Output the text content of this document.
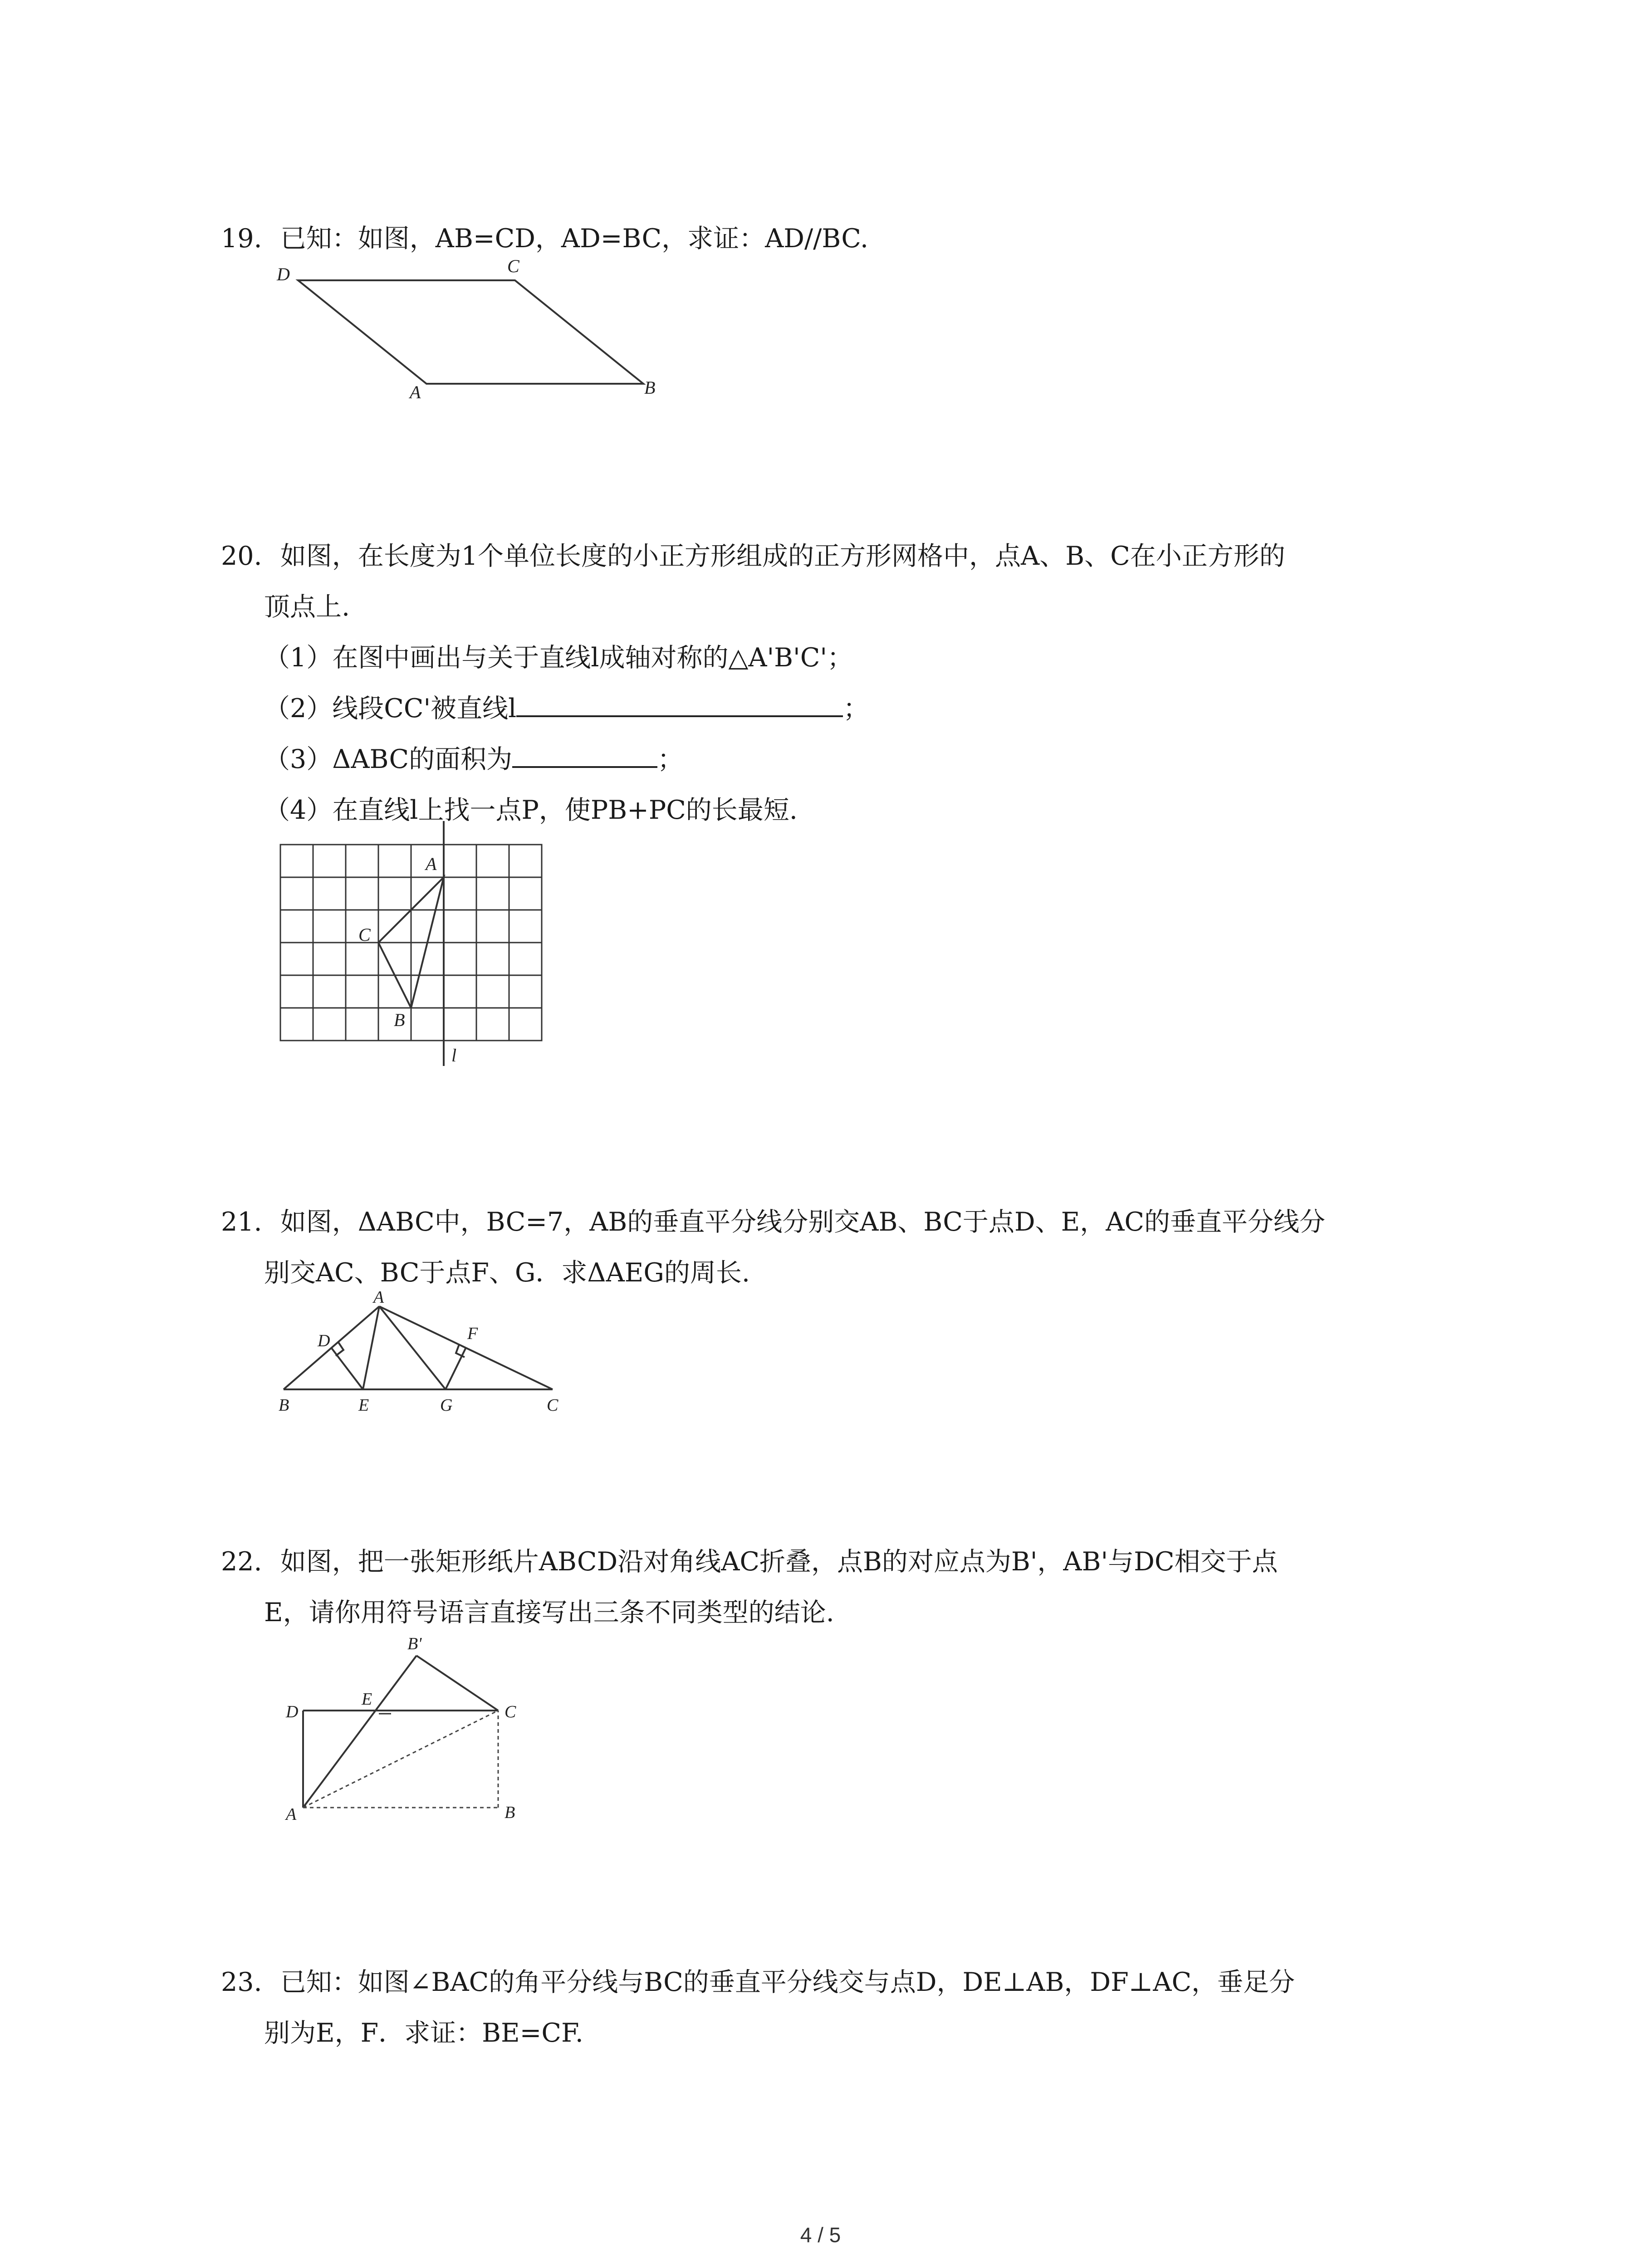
19. 已知：如图，AB=CD，AD=BC，求证：AD//BC.
D	C
A	B
20. 如图，在长度为1个单位长度的小正方形组成的正方形网格中，点A、B、C在小正方形的
顶点上.
（1）在图中画出与关于直线l成轴对称的△A'B'C'；
（2）线段CC'被直线l	；
（3）ΔABC的面积为	；
（4）在直线l上找一点P，使PB+PC的长最短.
A
C
B
l
21. 如图，ΔABC中，BC=7，AB的垂直平分线分别交AB、BC于点D、E，AC的垂直平分线分
别交AC、BC于点F、G．求ΔAEG的周长.
A
D	F
B	E	G	C
22. 如图，把一张矩形纸片ABCD沿对角线AC折叠，点B的对应点为B'，AB'与DC相交于点
E，请你用符号语言直接写出三条不同类型的结论.
B'
D
E
C
A	B
23. 已知：如图∠BAC的角平分线与BC的垂直平分线交与点D，DE⊥AB，DF⊥AC，垂足分
别为E，F．求证：BE=CF.
4 / 5
